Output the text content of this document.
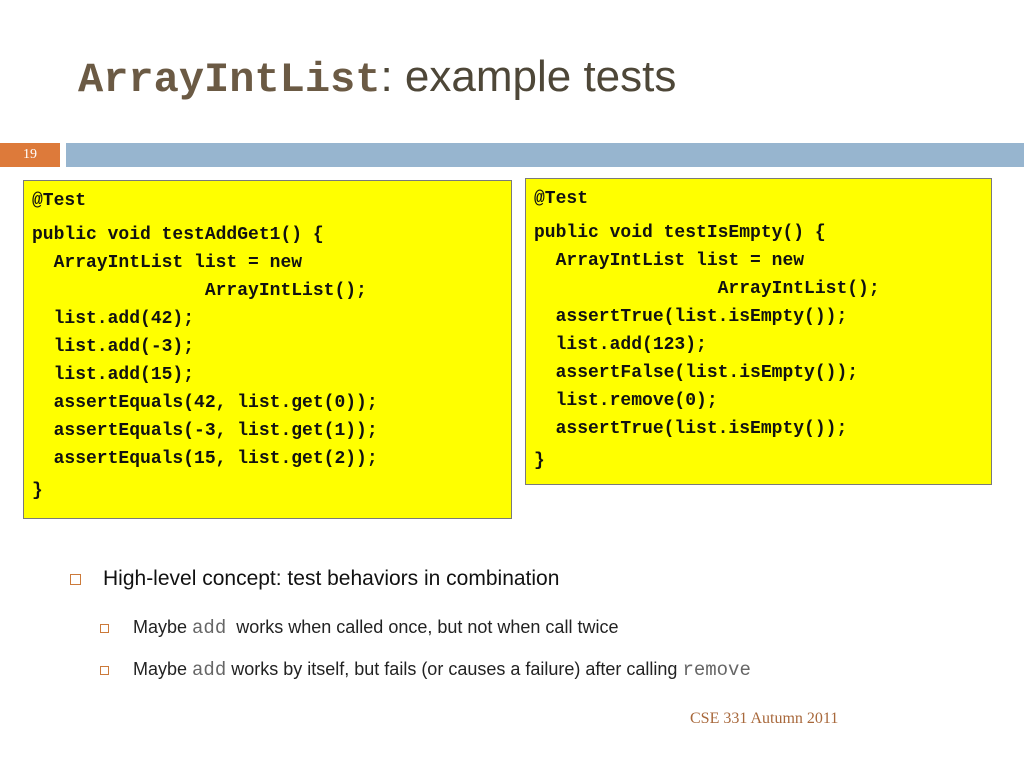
ArrayIntList: example tests
19
@Test
public void testAddGet1() {
ArrayIntList list = new
ArrayIntList();
list.add(42);
list.add(-3);
list.add(15);
assertEquals(42, list.get(0));
assertEquals(-3, list.get(1));
assertEquals(15, list.get(2));
}
@Test
public void testIsEmpty() {
ArrayIntList list = new
ArrayIntList();
assertTrue(list.isEmpty());
list.add(123);
assertFalse(list.isEmpty());
list.remove(0);
assertTrue(list.isEmpty());
}
High-level concept: test behaviors in combination
Maybe add  works when called once, but not when call twice
Maybe add works by itself, but fails (or causes a failure) after calling remove
CSE 331 Autumn 2011
